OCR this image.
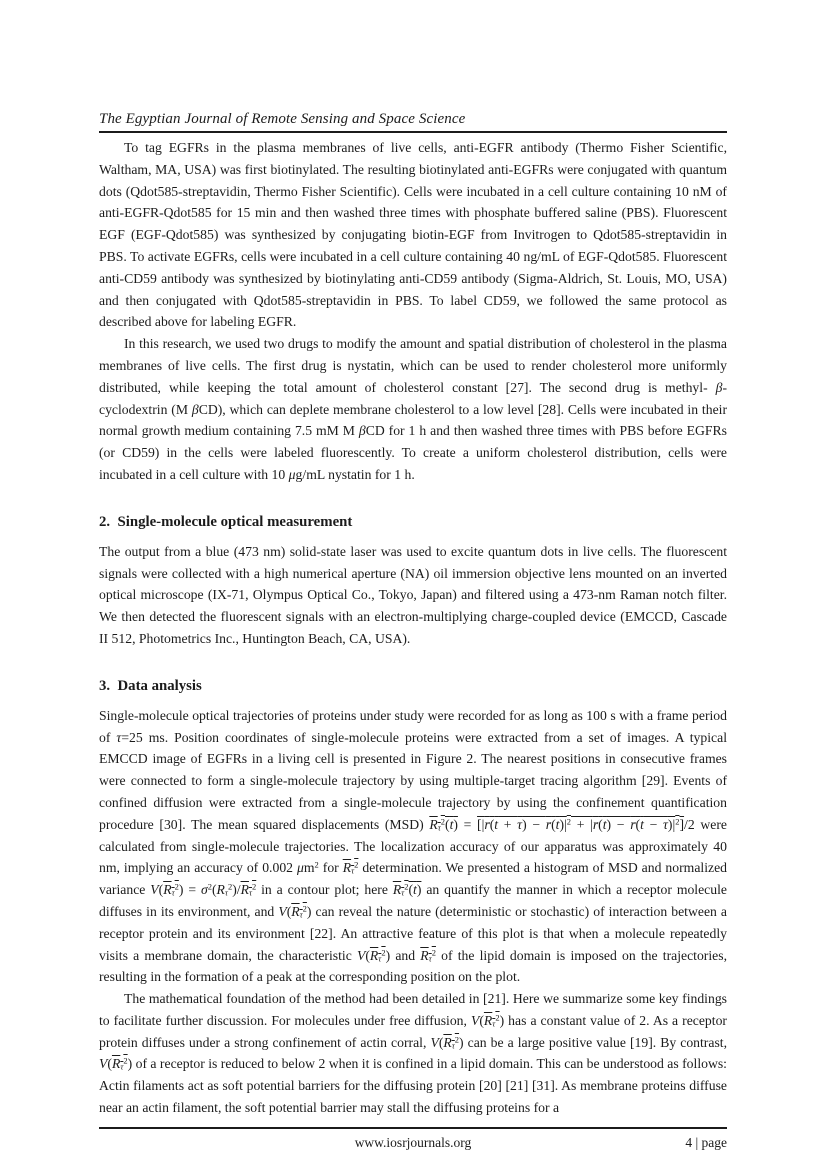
The Egyptian Journal of Remote Sensing and Space Science

To tag EGFRs in the plasma membranes of live cells, anti-EGFR antibody (Thermo Fisher Scientific, Waltham, MA, USA) was first biotinylated. The resulting biotinylated anti-EGFRs were conjugated with quantum dots (Qdot585-streptavidin, Thermo Fisher Scientific). Cells were incubated in a cell culture containing 10 nM of anti-EGFR-Qdot585 for 15 min and then washed three times with phosphate buffered saline (PBS). Fluorescent EGF (EGF-Qdot585) was synthesized by conjugating biotin-EGF from Invitrogen to Qdot585-streptavidin in PBS. To activate EGFRs, cells were incubated in a cell culture containing 40 ng/mL of EGF-Qdot585. Fluorescent anti-CD59 antibody was synthesized by biotinylating anti-CD59 antibody (Sigma-Aldrich, St. Louis, MO, USA) and then conjugated with Qdot585-streptavidin in PBS. To label CD59, we followed the same protocol as described above for labeling EGFR.

In this research, we used two drugs to modify the amount and spatial distribution of cholesterol in the plasma membranes of live cells. The first drug is nystatin, which can be used to render cholesterol more uniformly distributed, while keeping the total amount of cholesterol constant [27]. The second drug is methyl- β-cyclodextrin (M βCD), which can deplete membrane cholesterol to a low level [28]. Cells were incubated in their normal growth medium containing 7.5 mM M βCD for 1 h and then washed three times with PBS before EGFRs (or CD59) in the cells were labeled fluorescently. To create a uniform cholesterol distribution, cells were incubated in a cell culture with 10 μg/mL nystatin for 1 h.

2.  Single-molecule optical measurement

The output from a blue (473 nm) solid-state laser was used to excite quantum dots in live cells. The fluorescent signals were collected with a high numerical aperture (NA) oil immersion objective lens mounted on an inverted optical microscope (IX-71, Olympus Optical Co., Tokyo, Japan) and filtered using a 473-nm Raman notch filter. We then detected the fluorescent signals with an electron-multiplying charge-coupled device (EMCCD, Cascade II 512, Photometrics Inc., Huntington Beach, CA, USA).

3.  Data analysis

Single-molecule optical trajectories of proteins under study were recorded for as long as 100 s with a frame period of τ=25 ms. Position coordinates of single-molecule proteins were extracted from a set of images. A typical EMCCD image of EGFRs in a living cell is presented in Figure 2. The nearest positions in consecutive frames were connected to form a single-molecule trajectory by using multiple-target tracing algorithm [29]. Events of confined diffusion were extracted from a single-molecule trajectory by using the confinement quantification procedure [30]. The mean squared displacements (MSD) $R_\tau^2(t) = [|r \to(t + \tau) - r \to(t)|^2 + |r \to(t) - r \to(t - \tau)|^2]/2$ were calculated from single-molecule trajectories. The localization accuracy of our apparatus was approximately 40 nm, implying an accuracy of 0.002 $\mu m^2$ for $R_\tau^2$ determination. We presented a histogram of MSD and normalized variance $V(R_\tau^2) = \sigma^2(R_\tau^2)/R_\tau^2$ in a contour plot; here $R_\tau^2(t)$ an quantify the manner in which a receptor molecule diffuses in its environment, and $V(R_\tau^2)$ can reveal the nature (deterministic or stochastic) of interaction between a receptor protein and its environment [22]. An attractive feature of this plot is that when a molecule repeatedly visits a membrane domain, the characteristic $V(R_\tau^2)$ and $R_\tau^2$ of the lipid domain is imposed on the trajectories, resulting in the formation of a peak at the corresponding position on the plot.

The mathematical foundation of the method had been detailed in [21]. Here we summarize some key findings to facilitate further discussion. For molecules under free diffusion, $V(R_\tau^2)$ has a constant value of 2. As a receptor protein diffuses under a strong confinement of actin corral, $V(R_\tau^2)$ can be a large positive value [19]. By contrast, $V(R_\tau^2)$ of a receptor is reduced to below 2 when it is confined in a lipid domain. This can be understood as follows: Actin filaments act as soft potential barriers for the diffusing protein [20] [21] [31]. As membrane proteins diffuse near an actin filament, the soft potential barrier may stall the diffusing proteins for a

www.iosrjournals.org	4 | page
